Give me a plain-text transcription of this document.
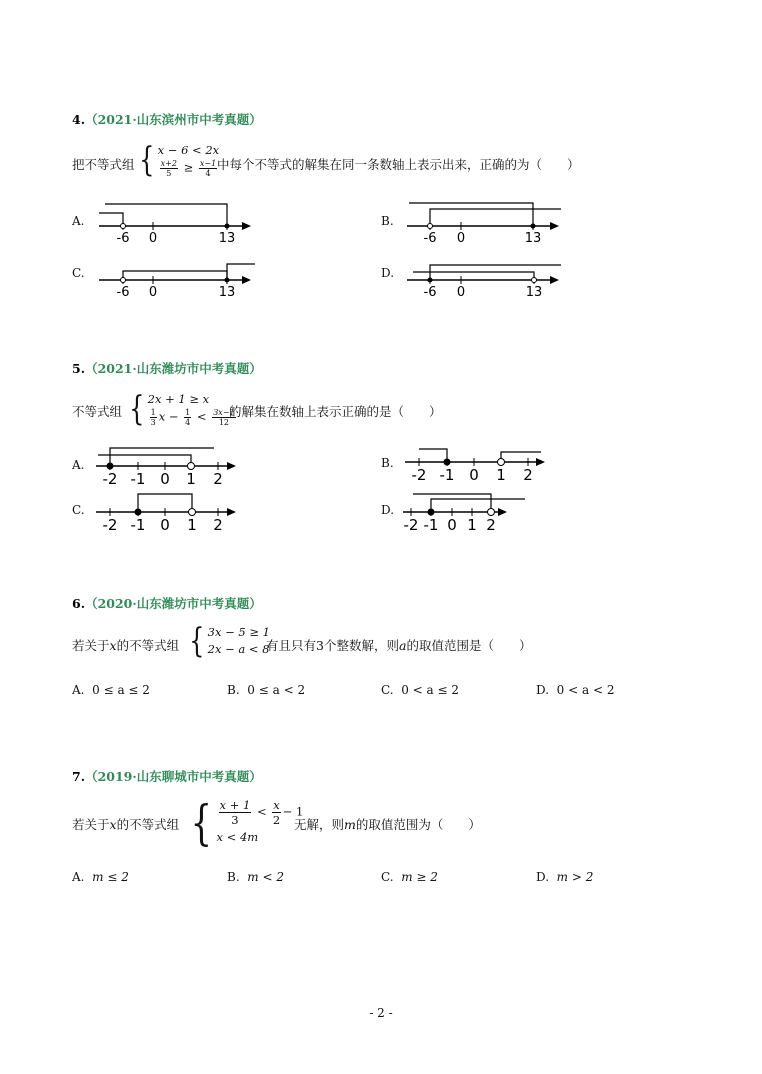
4.（2021·山东滨州市中考真题）
把不等式组 { x − 6 < 2x
$\frac{x+2}{5} \ge \frac{x-1}{4}$ 中每个不等式的解集在同一条数轴上表示出来，正确的为（　　）
A.	B.
C.	D.
-6 0	13	-6 0	13
-6 0	13	-6 0	13
5.（2021·山东潍坊市中考真题）
不等式组 { 2x + 1 ≥ x
$\frac{1}{3}$ $x - \frac{1}{4} < \frac{3x-1}{12}$
的解集在数轴上表示正确的是（　　）
A.	B.
C.	D.
-2 -1 0 1 2	-2 -1 0 1 2
-2 -1 0 1 2	-2 -1 0 1 2
6.（2020·山东潍坊市中考真题）
若关于x的不等式组 { 3x − 5 ≥ 1
2x − a < 8
有且只有3个整数解，则a的取值范围是（　　）
A. 0 ≤ a ≤ 2	B. 0 ≤ a < 2	C. 0 < a ≤ 2	D. 0 < a < 2
7.（2019·山东聊城市中考真题）
若关于x的不等式组 { $\frac{x + 1}{3} < \frac{x}{2} - 1$
x < 4m
无解，则m的取值范围为（　　）
A. m ≤ 2	B. m < 2	C. m ≥ 2	D. m > 2
- 2 -
